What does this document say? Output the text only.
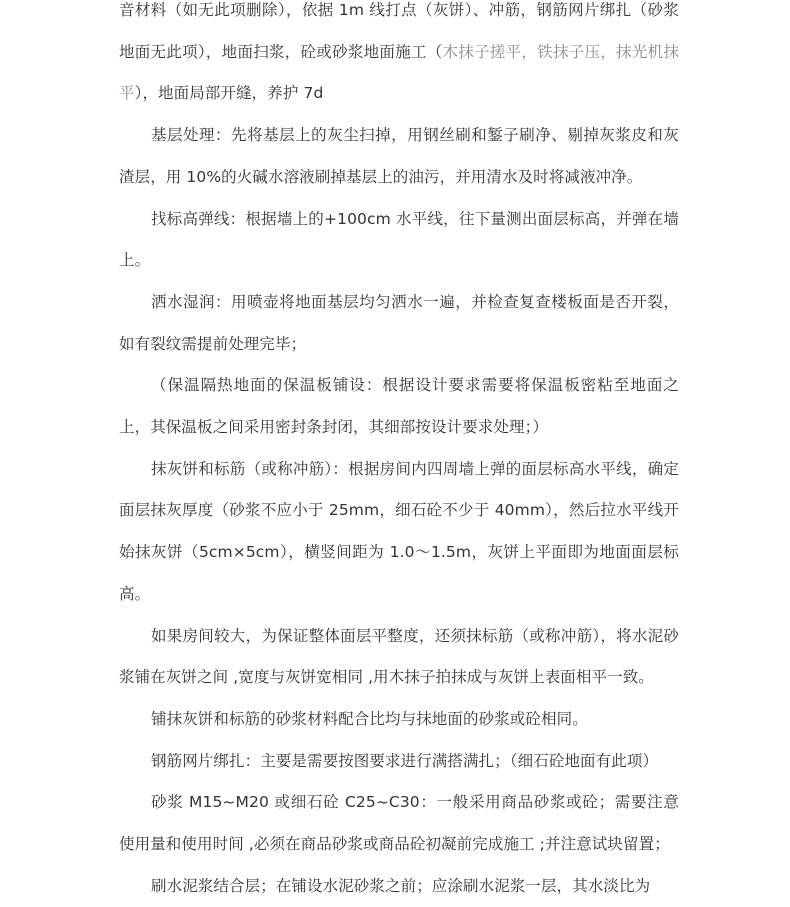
音材料（如无此项删除），依据 1m 线打点（灰饼）、冲筋，钢筋网片绑扎（砂浆地面无此项），地面扫浆，砼或砂浆地面施工（木抹子搓平，铁抹子压，抹光机抹平），地面局部开缝，养护 7d

基层处理：先将基层上的灰尘扫掉，用钢丝刷和錾子刷净、剔掉灰浆皮和灰渣层，用 10%的火碱水溶液刷掉基层上的油污，并用清水及时将减液冲净。

找标高弹线：根据墙上的+100cm 水平线，往下量测出面层标高，并弹在墙上。

洒水湿润：用喷壶将地面基层均匀洒水一遍，并检查复查楼板面是否开裂，如有裂纹需提前处理完毕；

（保温隔热地面的保温板铺设：根据设计要求需要将保温板密粘至地面之上，其保温板之间采用密封条封闭，其细部按设计要求处理；）

抹灰饼和标筋（或称冲筋）：根据房间内四周墙上弹的面层标高水平线，确定面层抹灰厚度（砂浆不应小于 25mm，细石砼不少于 40mm），然后拉水平线开始抹灰饼（5cm×5cm），横竖间距为 1.0～1.5m，灰饼上平面即为地面面层标高。

如果房间较大，为保证整体面层平整度，还须抹标筋（或称冲筋），将水泥砂浆铺在灰饼之间 ,宽度与灰饼宽相同 ,用木抹子拍抹成与灰饼上表面相平一致。

铺抹灰饼和标筋的砂浆材料配合比均与抹地面的砂浆或砼相同。

钢筋网片绑扎：主要是需要按图要求进行满搭满扎；（细石砼地面有此项）

砂浆 M15~M20 或细石砼 C25~C30：一般采用商品砂浆或砼；需要注意使用量和使用时间 ,必须在商品砂浆或商品砼初凝前完成施工 ;并注意试块留置；

刷水泥浆结合层；在铺设水泥砂浆之前；应涂刷水泥浆一层，其水淡比为
